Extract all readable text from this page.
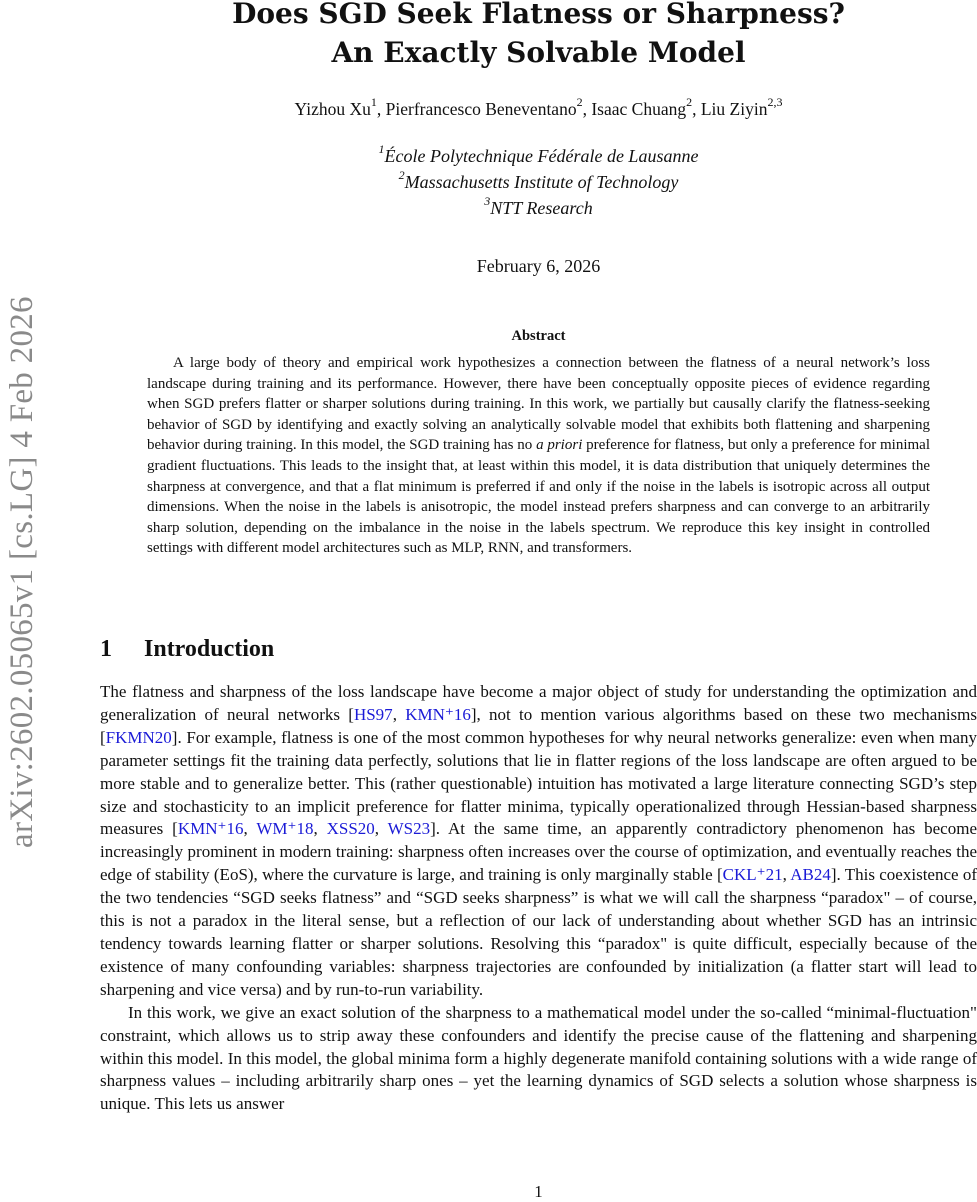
arXiv:2602.05065v1 [cs.LG] 4 Feb 2026
Does SGD Seek Flatness or Sharpness?
An Exactly Solvable Model
Yizhou Xu$^1$, Pierfrancesco Beneventano$^2$, Isaac Chuang$^2$, Liu Ziyin$^{2,3}$
$^1$École Polytechnique Fédérale de Lausanne
$^2$Massachusetts Institute of Technology
$^3$NTT Research
February 6, 2026
Abstract
A large body of theory and empirical work hypothesizes a connection between the flatness of a neural network’s loss landscape during training and its performance. However, there have been conceptually opposite pieces of evidence regarding when SGD prefers flatter or sharper solutions during training. In this work, we partially but causally clarify the flatness-seeking behavior of SGD by identifying and exactly solving an analytically solvable model that exhibits both flattening and sharpening behavior during training. In this model, the SGD training has no a priori preference for flatness, but only a preference for minimal gradient fluctuations. This leads to the insight that, at least within this model, it is data distribution that uniquely determines the sharpness at convergence, and that a flat minimum is preferred if and only if the noise in the labels is isotropic across all output dimensions. When the noise in the labels is anisotropic, the model instead prefers sharpness and can converge to an arbitrarily sharp solution, depending on the imbalance in the noise in the labels spectrum. We reproduce this key insight in controlled settings with different model architectures such as MLP, RNN, and transformers.
1 Introduction

The flatness and sharpness of the loss landscape have become a major object of study for understanding the optimization and generalization of neural networks [HS97, KMN⁺16], not to mention various algorithms based on these two mechanisms [FKMN20]. For example, flatness is one of the most common hypotheses for why neural networks generalize: even when many parameter settings fit the training data perfectly, solutions that lie in flatter regions of the loss landscape are often argued to be more stable and to generalize better. This (rather questionable) intuition has motivated a large literature connecting SGD’s step size and stochasticity to an implicit preference for flatter minima, typically operationalized through Hessian-based sharpness measures [KMN⁺16, WM⁺18, XSS20, WS23]. At the same time, an apparently contradictory phenomenon has become increasingly prominent in modern training: sharpness often increases over the course of optimization, and eventually reaches the edge of stability (EoS), where the curvature is large, and training is only marginally stable [CKL⁺21, AB24]. This coexistence of the two tendencies “SGD seeks flatness” and “SGD seeks sharpness” is what we will call the sharpness “paradox" – of course, this is not a paradox in the literal sense, but a reflection of our lack of understanding about whether SGD has an intrinsic tendency towards learning flatter or sharper solutions. Resolving this “paradox" is quite difficult, especially because of the existence of many confounding variables: sharpness trajectories are confounded by initialization (a flatter start will lead to sharpening and vice versa) and by run-to-run variability.

In this work, we give an exact solution of the sharpness to a mathematical model under the so-called “minimal-fluctuation" constraint, which allows us to strip away these confounders and identify the precise cause of the flattening and sharpening within this model. In this model, the global minima form a highly degenerate manifold containing solutions with a wide range of sharpness values – including arbitrarily sharp ones – yet the learning dynamics of SGD selects a solution whose sharpness is unique. This lets us answer

1
